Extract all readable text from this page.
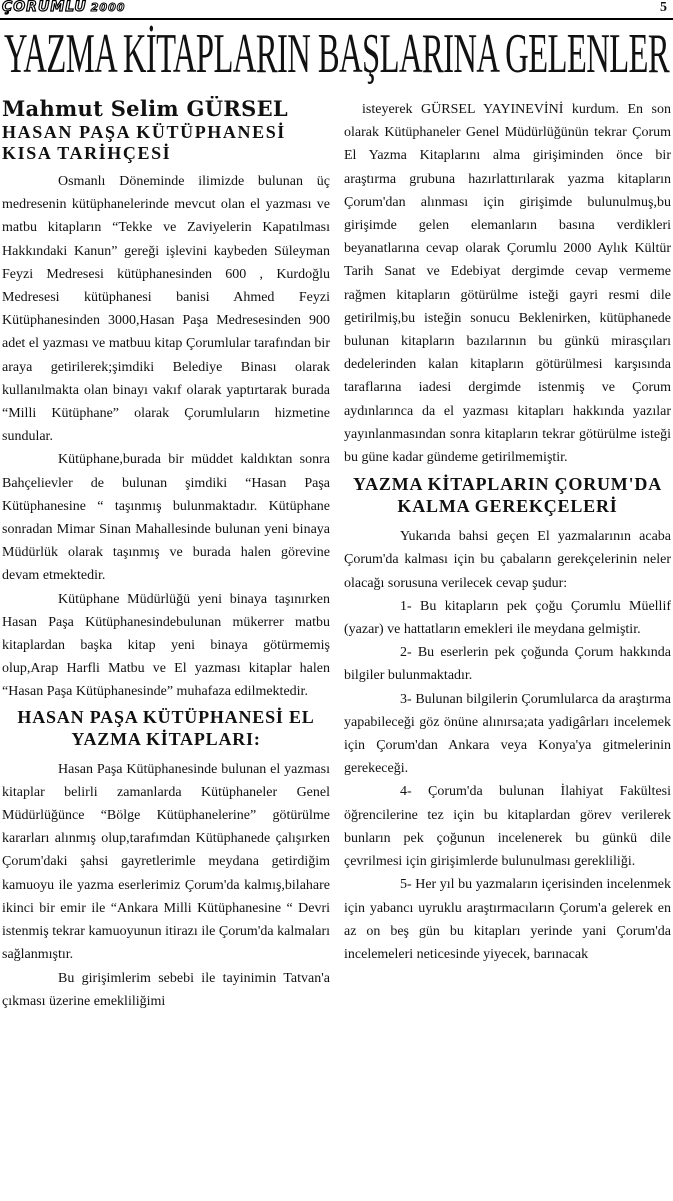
ÇORUMLU 2000	5
YAZMA KİTAPLARIN BAŞLARINA GELENLER
Mahmut Selim GÜRSEL
HASAN PAŞA KÜTÜPHANESİ KISA TARİHÇESİ

Osmanlı Döneminde ilimizde bulunan üç medresenin kütüphanelerinde mevcut olan el yazması ve matbu kitapların “Tekke ve Zaviyelerin Kapatılması Hakkındaki Kanun” gereği işlevini kaybeden Süleyman Feyzi Medresesi kütüphanesinden 600 , Kurdoğlu Medresesi kütüphanesi banisi Ahmed Feyzi Kütüphanesinden 3000,Hasan Paşa Medresesinden 900 adet el yazması ve matbuu kitap Çorumlular tarafından bir araya getirilerek;şimdiki Belediye Binası olarak kullanılmakta olan binayı vakıf olarak yaptırtarak burada “Milli Kütüphane” olarak Çorumluların hizmetine sundular.

Kütüphane,burada bir müddet kaldıktan sonra Bahçelievler de bulunan şimdiki “Hasan Paşa Kütüphanesine “ taşınmış bulunmaktadır. Kütüphane sonradan Mimar Sinan Mahallesinde bulunan yeni binaya Müdürlük olarak taşınmış ve burada halen görevine devam etmektedir.

Kütüphane Müdürlüğü yeni binaya taşınırken Hasan Paşa Kütüphanesindebulunan mükerrer matbu kitaplardan başka kitap yeni binaya götürmemiş olup,Arap Harfli Matbu ve El yazması kitaplar halen “Hasan Paşa Kütüphanesinde” muhafaza edilmektedir.

HASAN PAŞA KÜTÜPHANESİ EL YAZMA KİTAPLARI:

Hasan Paşa Kütüphanesinde bulunan el yazması kitaplar belirli zamanlarda Kütüphaneler Genel Müdürlüğünce “Bölge Kütüphanelerine” götürülme kararları alınmış olup,tarafımdan Kütüphanede çalışırken Çorum'daki şahsi gayretlerimle meydana getirdiğim kamuoyu ile yazma eserlerimiz Çorum'da kalmış,bilahare ikinci bir emir ile “Ankara Milli Kütüphanesine “ Devri istenmiş tekrar kamuoyunun itirazı ile Çorum'da kalmaları sağlanmıştır.

Bu girişimlerim sebebi ile tayinimin Tatvan'a çıkması üzerine emekliliğimi

isteyerek GÜRSEL YAYINEVİNİ kurdum. En son olarak Kütüphaneler Genel Müdürlüğünün tekrar Çorum El Yazma Kitaplarını alma girişiminden önce bir araştırma grubuna hazırlattırılarak yazma kitapların Çorum'dan alınması için girişimde bulunulmuş,bu girişimde gelen elemanların basına verdikleri beyanatlarına cevap olarak Çorumlu 2000 Aylık Kültür Tarih Sanat ve Edebiyat dergimde cevap vermeme rağmen kitapların götürülme isteği gayri resmi dile getirilmiş,bu isteğin sonucu Beklenirken, kütüphanede bulunan kitapların bazılarının bu günkü mirasçıları dedelerinden kalan kitapların götürülmesi karşısında taraflarına iadesi dergimde istenmiş ve Çorum aydınlarınca da el yazması kitapları hakkında yazılar yayınlanmasından sonra kitapların tekrar götürülme isteği bu güne kadar gündeme getirilmemiştir.

YAZMA KİTAPLARIN ÇORUM'DA KALMA GEREKÇELERİ

Yukarıda bahsi geçen El yazmalarının acaba Çorum'da kalması için bu çabaların gerekçelerinin neler olacağı sorusuna verilecek cevap şudur:

1- Bu kitapların pek çoğu Çorumlu Müellif (yazar) ve hattatların emekleri ile meydana gelmiştir.

2- Bu eserlerin pek çoğunda Çorum hakkında bilgiler bulunmaktadır.

3- Bulunan bilgilerin Çorumlularca da araştırma yapabileceği göz önüne alınırsa;ata yadigârları incelemek için Çorum'dan Ankara veya Konya'ya gitmelerinin gerekeceği.

4- Çorum'da bulunan İlahiyat Fakültesi öğrencilerine tez için bu kitaplardan görev verilerek bunların pek çoğunun incelenerek bu günkü dile çevrilmesi için girişimlerde bulunulması gerekliliği.

5- Her yıl bu yazmaların içerisinden incelenmek için yabancı uyruklu araştırmacıların Çorum'a gelerek en az on beş gün bu kitapları yerinde yani Çorum'da incelemeleri neticesinde yiyecek, barınacak
